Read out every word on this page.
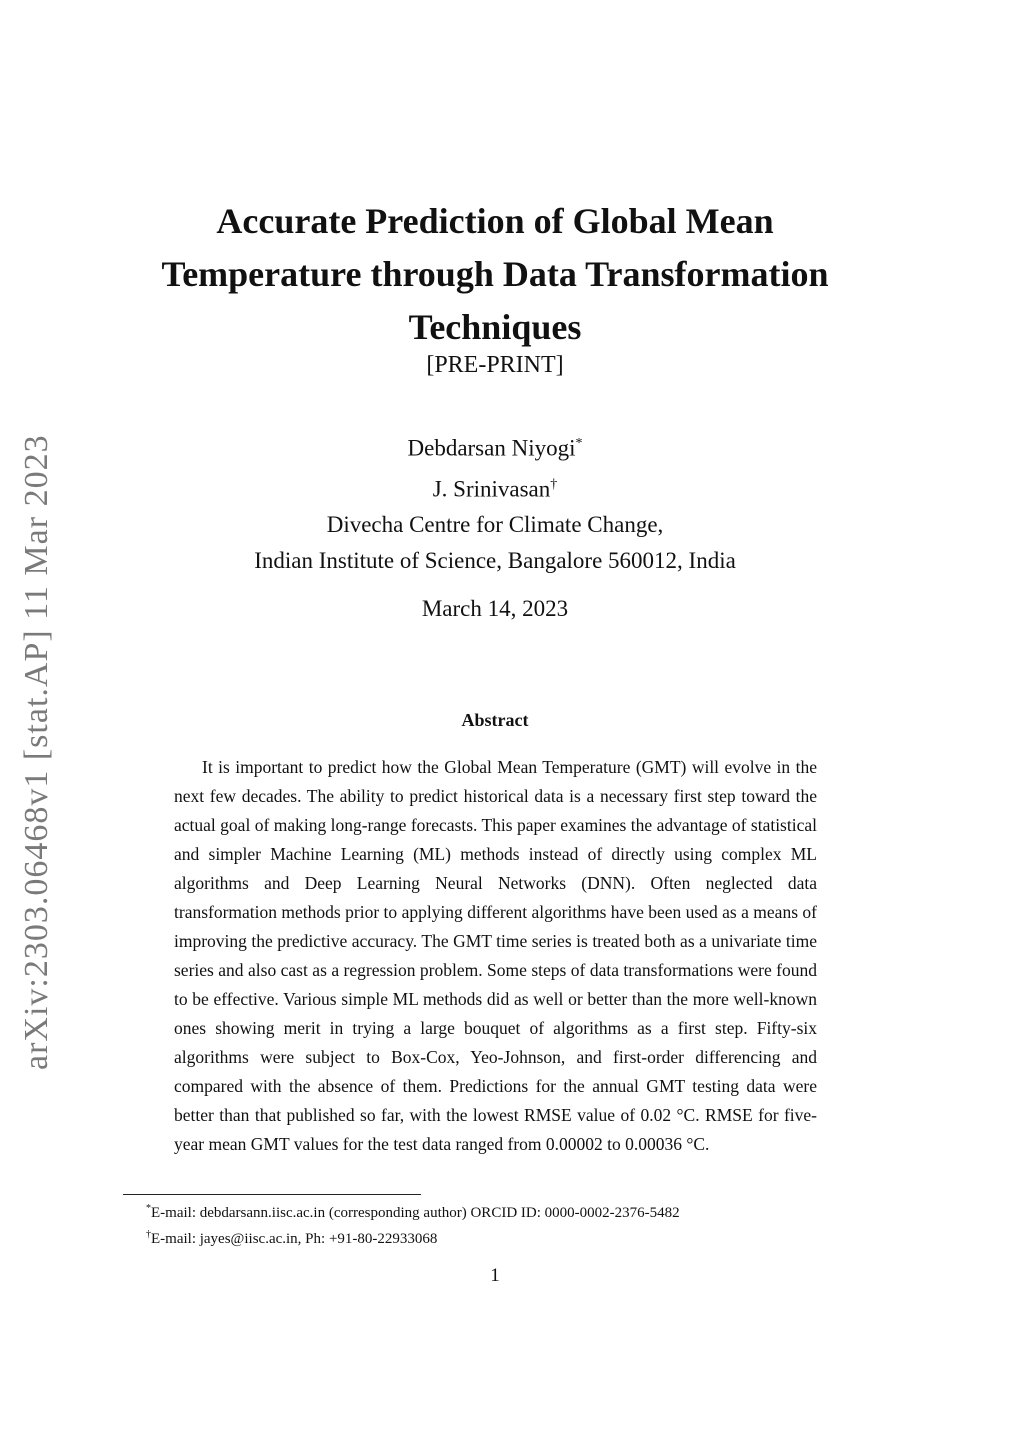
arXiv:2303.06468v1 [stat.AP] 11 Mar 2023
Accurate Prediction of Global Mean Temperature through Data Transformation Techniques
[PRE-PRINT]
Debdarsan Niyogi*
J. Srinivasan†
Divecha Centre for Climate Change,
Indian Institute of Science, Bangalore 560012, India
March 14, 2023
Abstract

It is important to predict how the Global Mean Temperature (GMT) will evolve in the next few decades. The ability to predict historical data is a necessary first step toward the actual goal of making long-range forecasts. This paper examines the advantage of statistical and simpler Machine Learning (ML) methods instead of directly using complex ML algorithms and Deep Learning Neural Networks (DNN). Often neglected data transformation methods prior to applying different algorithms have been used as a means of improving the predictive accuracy. The GMT time series is treated both as a univariate time series and also cast as a regression problem. Some steps of data transformations were found to be effective. Various simple ML methods did as well or better than the more well-known ones showing merit in trying a large bouquet of algorithms as a first step. Fifty-six algorithms were subject to Box-Cox, Yeo-Johnson, and first-order differencing and compared with the absence of them. Predictions for the annual GMT testing data were better than that published so far, with the lowest RMSE value of 0.02 °C. RMSE for five-year mean GMT values for the test data ranged from 0.00002 to 0.00036 °C.

*E-mail: debdarsann.iisc.ac.in (corresponding author) ORCID ID: 0000-0002-2376-5482
†E-mail: jayes@iisc.ac.in, Ph: +91-80-22933068
1
